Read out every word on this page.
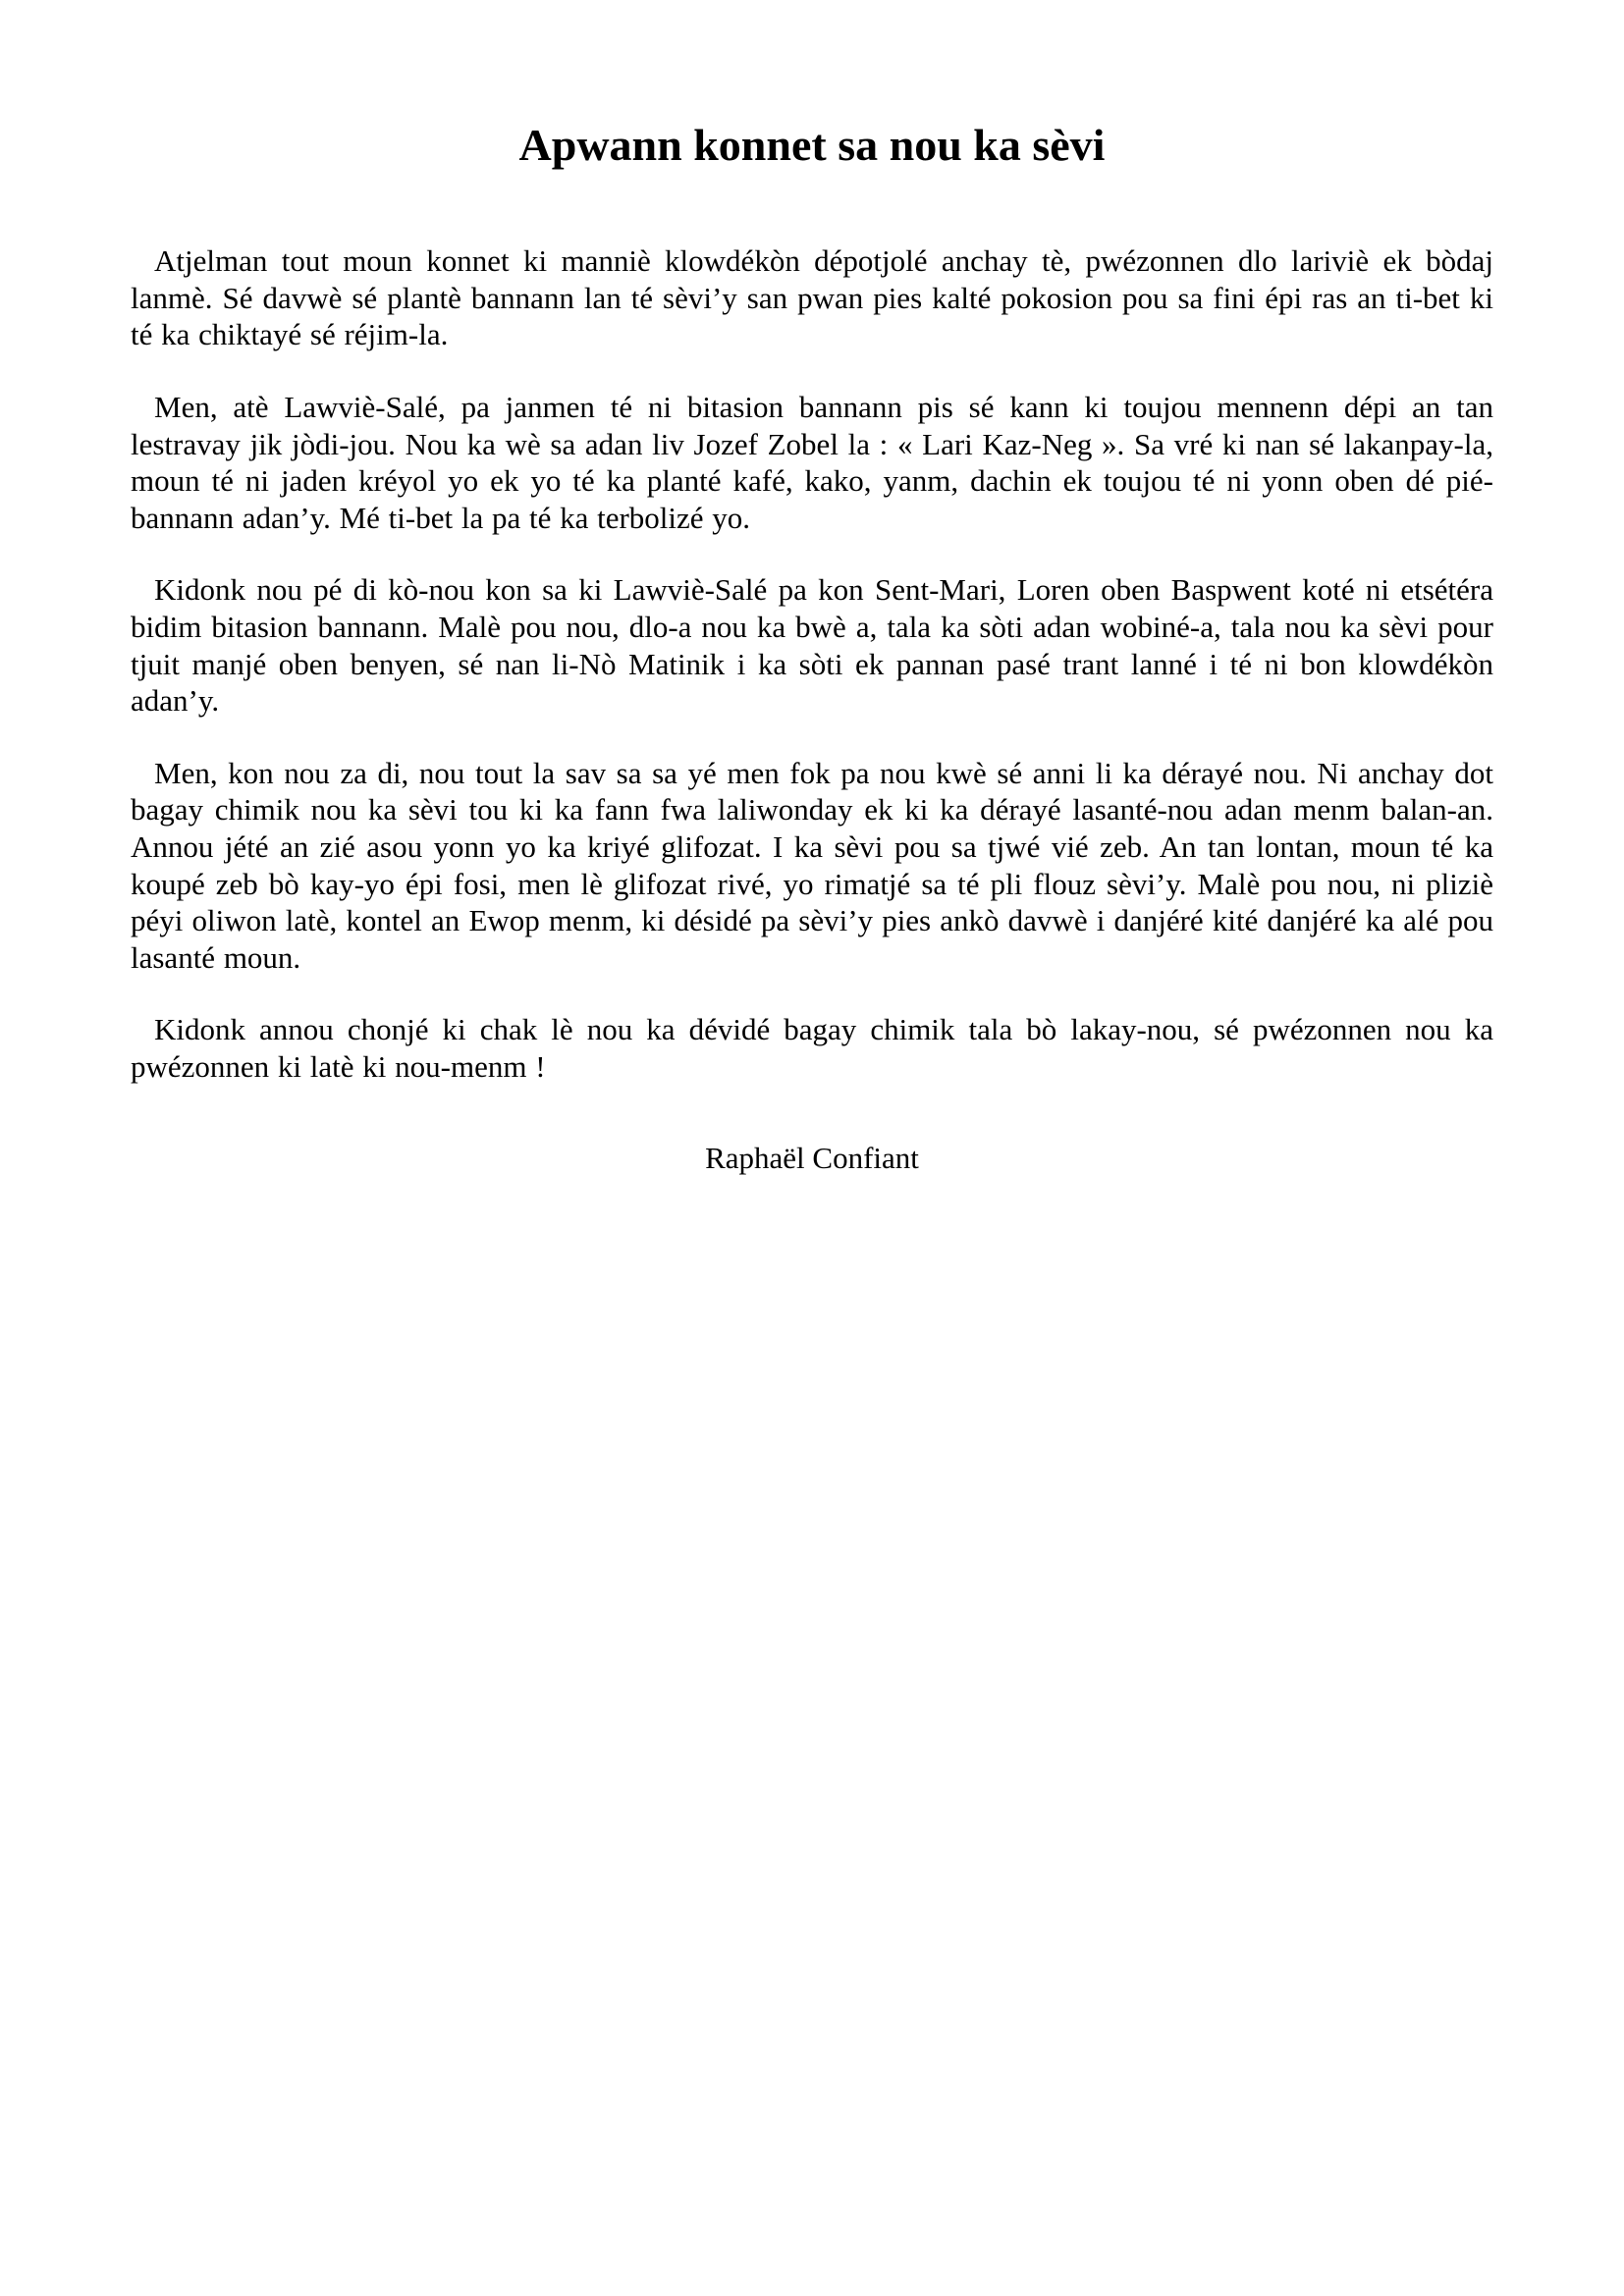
Apwann konnet sa nou ka sèvi

Atjelman tout moun konnet ki manniè klowdékòn dépotjolé anchay tè, pwézonnen dlo lariviè ek bòdaj lanmè. Sé davwè sé plantè bannann lan té sèvi’y san pwan pies kalté pokosion pou sa fini épi ras an ti-bet ki té ka chiktayé sé réjim-la.

Men, atè Lawviè-Salé, pa janmen té ni bitasion bannann pis sé kann ki toujou mennenn dépi an tan lestravay jik jòdi-jou. Nou ka wè sa adan liv Jozef Zobel la : « Lari Kaz-Neg ». Sa vré ki nan sé lakanpay-la, moun té ni jaden kréyol yo ek yo té ka planté kafé, kako, yanm, dachin ek toujou té ni yonn oben dé pié-bannann adan’y. Mé ti-bet la pa té ka terbolizé yo.

Kidonk nou pé di kò-nou kon sa ki Lawviè-Salé pa kon Sent-Mari, Loren oben Baspwent koté ni etsétéra bidim bitasion bannann. Malè pou nou, dlo-a nou ka bwè a, tala ka sòti adan wobiné-a, tala nou ka sèvi pour tjuit manjé oben benyen, sé nan li-Nò Matinik i ka sòti ek pannan pasé trant lanné i té ni bon klowdékòn adan’y.

Men, kon nou za di, nou tout la sav sa sa yé men fok pa nou kwè sé anni li ka dérayé nou. Ni anchay dot bagay chimik nou ka sèvi tou ki ka fann fwa laliwonday ek ki ka dérayé lasanté-nou adan menm balan-an. Annou jété an zié asou yonn yo ka kriyé glifozat. I ka sèvi pou sa tjwé vié zeb. An tan lontan, moun té ka koupé zeb bò kay-yo épi fosi, men lè glifozat rivé, yo rimatjé sa té pli flouz sèvi’y. Malè pou nou, ni pliziè péyi oliwon latè, kontel an Ewop menm, ki désidé pa sèvi’y pies ankò davwè i danjéré kité danjéré ka alé pou lasanté moun.

Kidonk annou chonjé ki chak lè nou ka dévidé bagay chimik tala bò lakay-nou, sé pwézonnen nou ka pwézonnen ki latè ki nou-menm !

Raphaël Confiant
